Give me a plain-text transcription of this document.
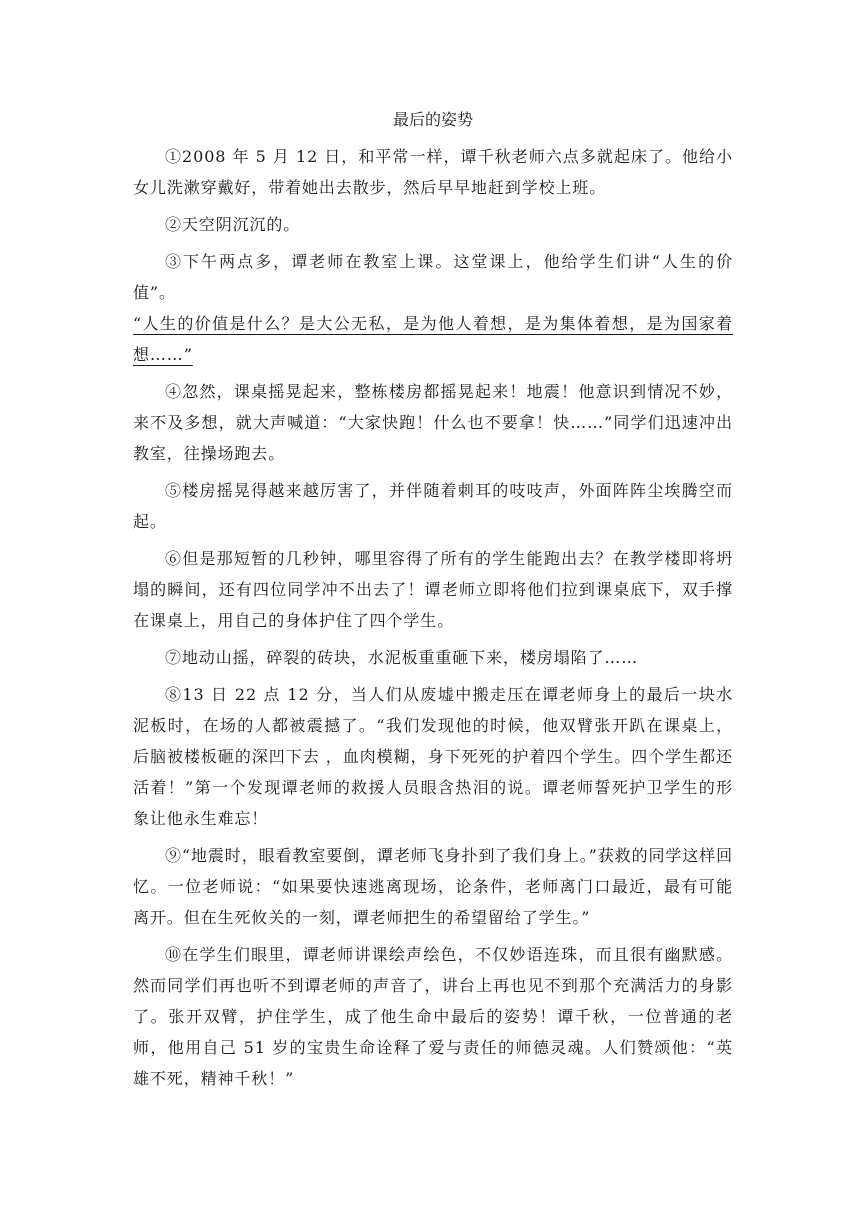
最后的姿势

①2008 年 5 月 12 日，和平常一样，谭千秋老师六点多就起床了。他给小女儿洗漱穿戴好，带着她出去散步，然后早早地赶到学校上班。

②天空阴沉沉的。

③下午两点多，谭老师在教室上课。这堂课上，他给学生们讲“人生的价值”。

“人生的价值是什么？是大公无私，是为他人着想，是为集体着想，是为国家着想……”

④忽然，课桌摇晃起来，整栋楼房都摇晃起来！地震！他意识到情况不妙，来不及多想，就大声喊道：“大家快跑！什么也不要拿！快……”同学们迅速冲出教室，往操场跑去。

⑤楼房摇晃得越来越厉害了，并伴随着刺耳的吱吱声，外面阵阵尘埃腾空而起。

⑥但是那短暂的几秒钟，哪里容得了所有的学生能跑出去？在教学楼即将坍塌的瞬间，还有四位同学冲不出去了！谭老师立即将他们拉到课桌底下，双手撑在课桌上，用自己的身体护住了四个学生。

⑦地动山摇，碎裂的砖块，水泥板重重砸下来，楼房塌陷了……

⑧13 日 22 点 12 分，当人们从废墟中搬走压在谭老师身上的最后一块水泥板时，在场的人都被震撼了。“我们发现他的时候，他双臂张开趴在课桌上，后脑被楼板砸的深凹下去 ，血肉模糊，身下死死的护着四个学生。四个学生都还活着！”第一个发现谭老师的救援人员眼含热泪的说。谭老师誓死护卫学生的形象让他永生难忘！

⑨“地震时，眼看教室要倒，谭老师飞身扑到了我们身上。”获救的同学这样回忆。一位老师说：“如果要快速逃离现场，论条件，老师离门口最近，最有可能离开。但在生死攸关的一刻，谭老师把生的希望留给了学生。”

⑩在学生们眼里，谭老师讲课绘声绘色，不仅妙语连珠，而且很有幽默感。然而同学们再也听不到谭老师的声音了，讲台上再也见不到那个充满活力的身影了。张开双臂，护住学生，成了他生命中最后的姿势！谭千秋，一位普通的老师，他用自己 51 岁的宝贵生命诠释了爱与责任的师德灵魂。人们赞颂他：“英雄不死，精神千秋！”
